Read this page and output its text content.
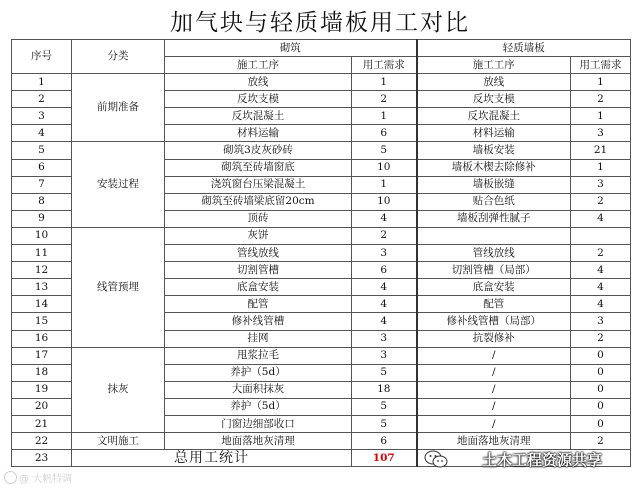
加气块与轻质墙板用工对比
序号	分类	砌筑		轻质墙板	
		施工工序	用工需求	施工工序	用工需求
1	前期准备	放线	1	放线	1
2		反坎支模	2	反坎支模	2
3		反坎混凝土	1	反坎混凝土	1
4		材料运输	6	材料运输	3
5	安装过程	砌筑3皮灰砂砖	5	墙板安装	21
6		砌筑至砖墙窗底	10	墙板木楔去除修补	1
7		浇筑窗台压梁混凝土	1	墙板嵌缝	3
8		砌筑至砖墙梁底留20cm	10	贴合色纸	2
9		顶砖	4	墙板刮弹性腻子	4
10	线管预埋	灰饼	2		
11		管线放线	3	管线放线	2
12		切割管槽	6	切割管槽（局部）	4
13		底盒安装	4	底盒安装	4
14		配管	4	配管	4
15		修补线管槽	4	修补线管槽（局部）	3
16		挂网	3	抗裂修补	2
17	抹灰	甩浆拉毛	3	/	0
18		养护（5d）	5	/	0
19		大面积抹灰	18	/	0
20		养护（5d）	5	/	0
21		门窗边细部收口	5	/	0
22	文明施工	地面落地灰清理	6	地面落地灰清理	2
23	总用工统计		107		
@ 大帆特调
土木工程资源共享
